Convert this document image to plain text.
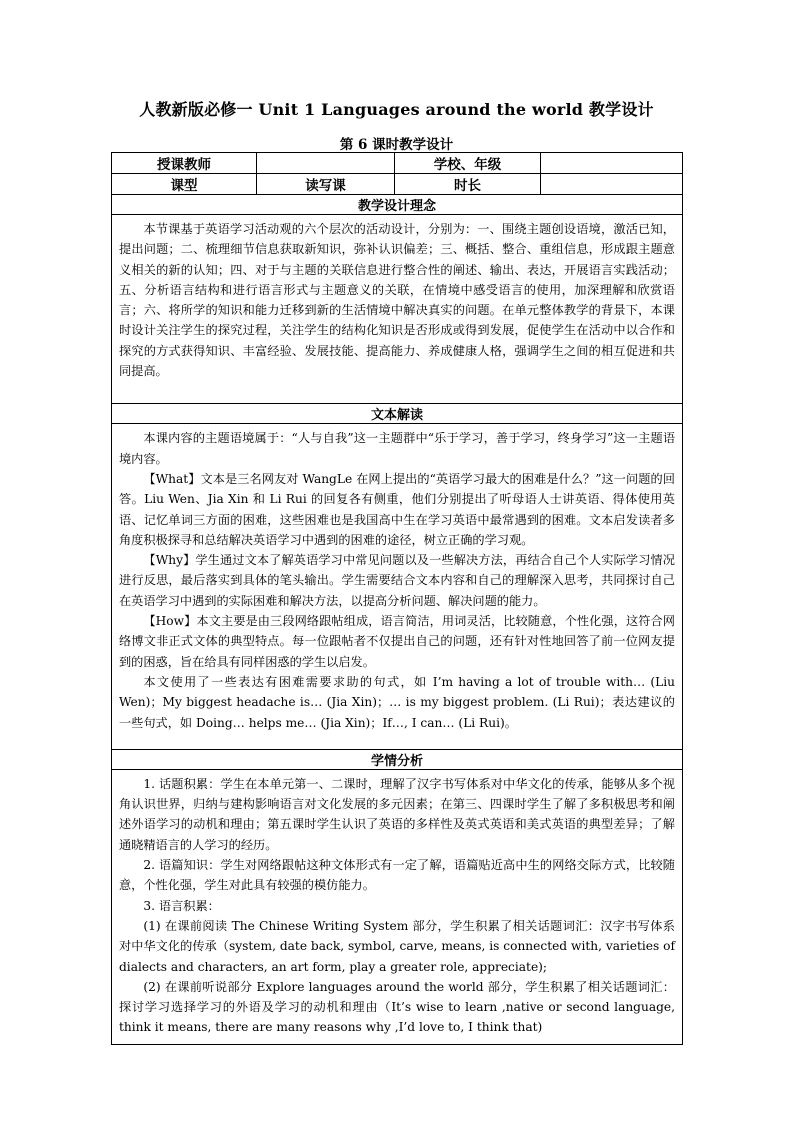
人教新版必修一 Unit 1 Languages around the world 教学设计
第 6 课时教学设计
授课教师		学校、年级	
课型	读写课	时长	
教学设计理念			

本节课基于英语学习活动观的六个层次的活动设计，分别为：一、围绕主题创设语境，激活已知，提出问题；二、梳理细节信息获取新知识，弥补认识偏差；三、概括、整合、重组信息，形成跟主题意义相关的新的认知；四、对于与主题的关联信息进行整合性的阐述、输出、表达，开展语言实践活动；五、分析语言结构和进行语言形式与主题意义的关联，在情境中感受语言的使用，加深理解和欣赏语言；六、将所学的知识和能力迁移到新的生活情境中解决真实的问题。在单元整体教学的背景下，本课时设计关注学生的探究过程，关注学生的结构化知识是否形成或得到发展，促使学生在活动中以合作和探究的方式获得知识、丰富经验、发展技能、提高能力、养成健康人格，强调学生之间的相互促进和共同提高。			

文本解读			

本课内容的主题语境属于：“人与自我”这一主题群中“乐于学习，善于学习，终身学习”这一主题语境内容。

【What】文本是三名网友对 WangLe 在网上提出的“英语学习最大的困难是什么？”这一问题的回答。Liu Wen、Jia Xin 和 Li Rui 的回复各有侧重，他们分别提出了听母语人士讲英语、得体使用英语、记忆单词三方面的困难，这些困难也是我国高中生在学习英语中最常遇到的困难。文本启发读者多角度积极探寻和总结解决英语学习中遇到的困难的途径，树立正确的学习观。

【Why】学生通过文本了解英语学习中常见问题以及一些解决方法，再结合自己个人实际学习情况进行反思，最后落实到具体的笔头输出。学生需要结合文本内容和自己的理解深入思考，共同探讨自己在英语学习中遇到的实际困难和解决方法，以提高分析问题、解决问题的能力。

【How】本文主要是由三段网络跟帖组成，语言简洁，用词灵活，比较随意，个性化强，这符合网络博文非正式文体的典型特点。每一位跟帖者不仅提出自己的问题，还有针对性地回答了前一位网友提到的困惑，旨在给具有同样困惑的学生以启发。

本文使用了一些表达有困难需要求助的句式，如 I’m having a lot of trouble with… (Liu Wen)；My biggest headache is… (Jia Xin)；… is my biggest problem. (Li Rui)；表达建议的一些句式，如 Doing… helps me… (Jia Xin)；If…, I can… (Li Rui)。			

学情分析			

1. 话题积累：学生在本单元第一、二课时，理解了汉字书写体系对中华文化的传承，能够从多个视角认识世界，归纳与建构影响语言对文化发展的多元因素；在第三、四课时学生了解了多积极思考和阐述外语学习的动机和理由；第五课时学生认识了英语的多样性及英式英语和美式英语的典型差异；了解通晓精语言的人学习的经历。

2. 语篇知识：学生对网络跟帖这种文体形式有一定了解，语篇贴近高中生的网络交际方式，比较随意，个性化强，学生对此具有较强的模仿能力。

3. 语言积累：

(1) 在课前阅读 The Chinese Writing System 部分，学生积累了相关话题词汇：汉字书写体系对中华文化的传承（system, date back, symbol, carve, means, is connected with, varieties of dialects and characters, an art form, play a greater role, appreciate);

(2) 在课前听说部分 Explore languages around the world 部分，学生积累了相关话题词汇：探讨学习选择学习的外语及学习的动机和理由（It’s wise to learn ,native or second language, think it means, there are many reasons why ,I’d love to, I think that)			
